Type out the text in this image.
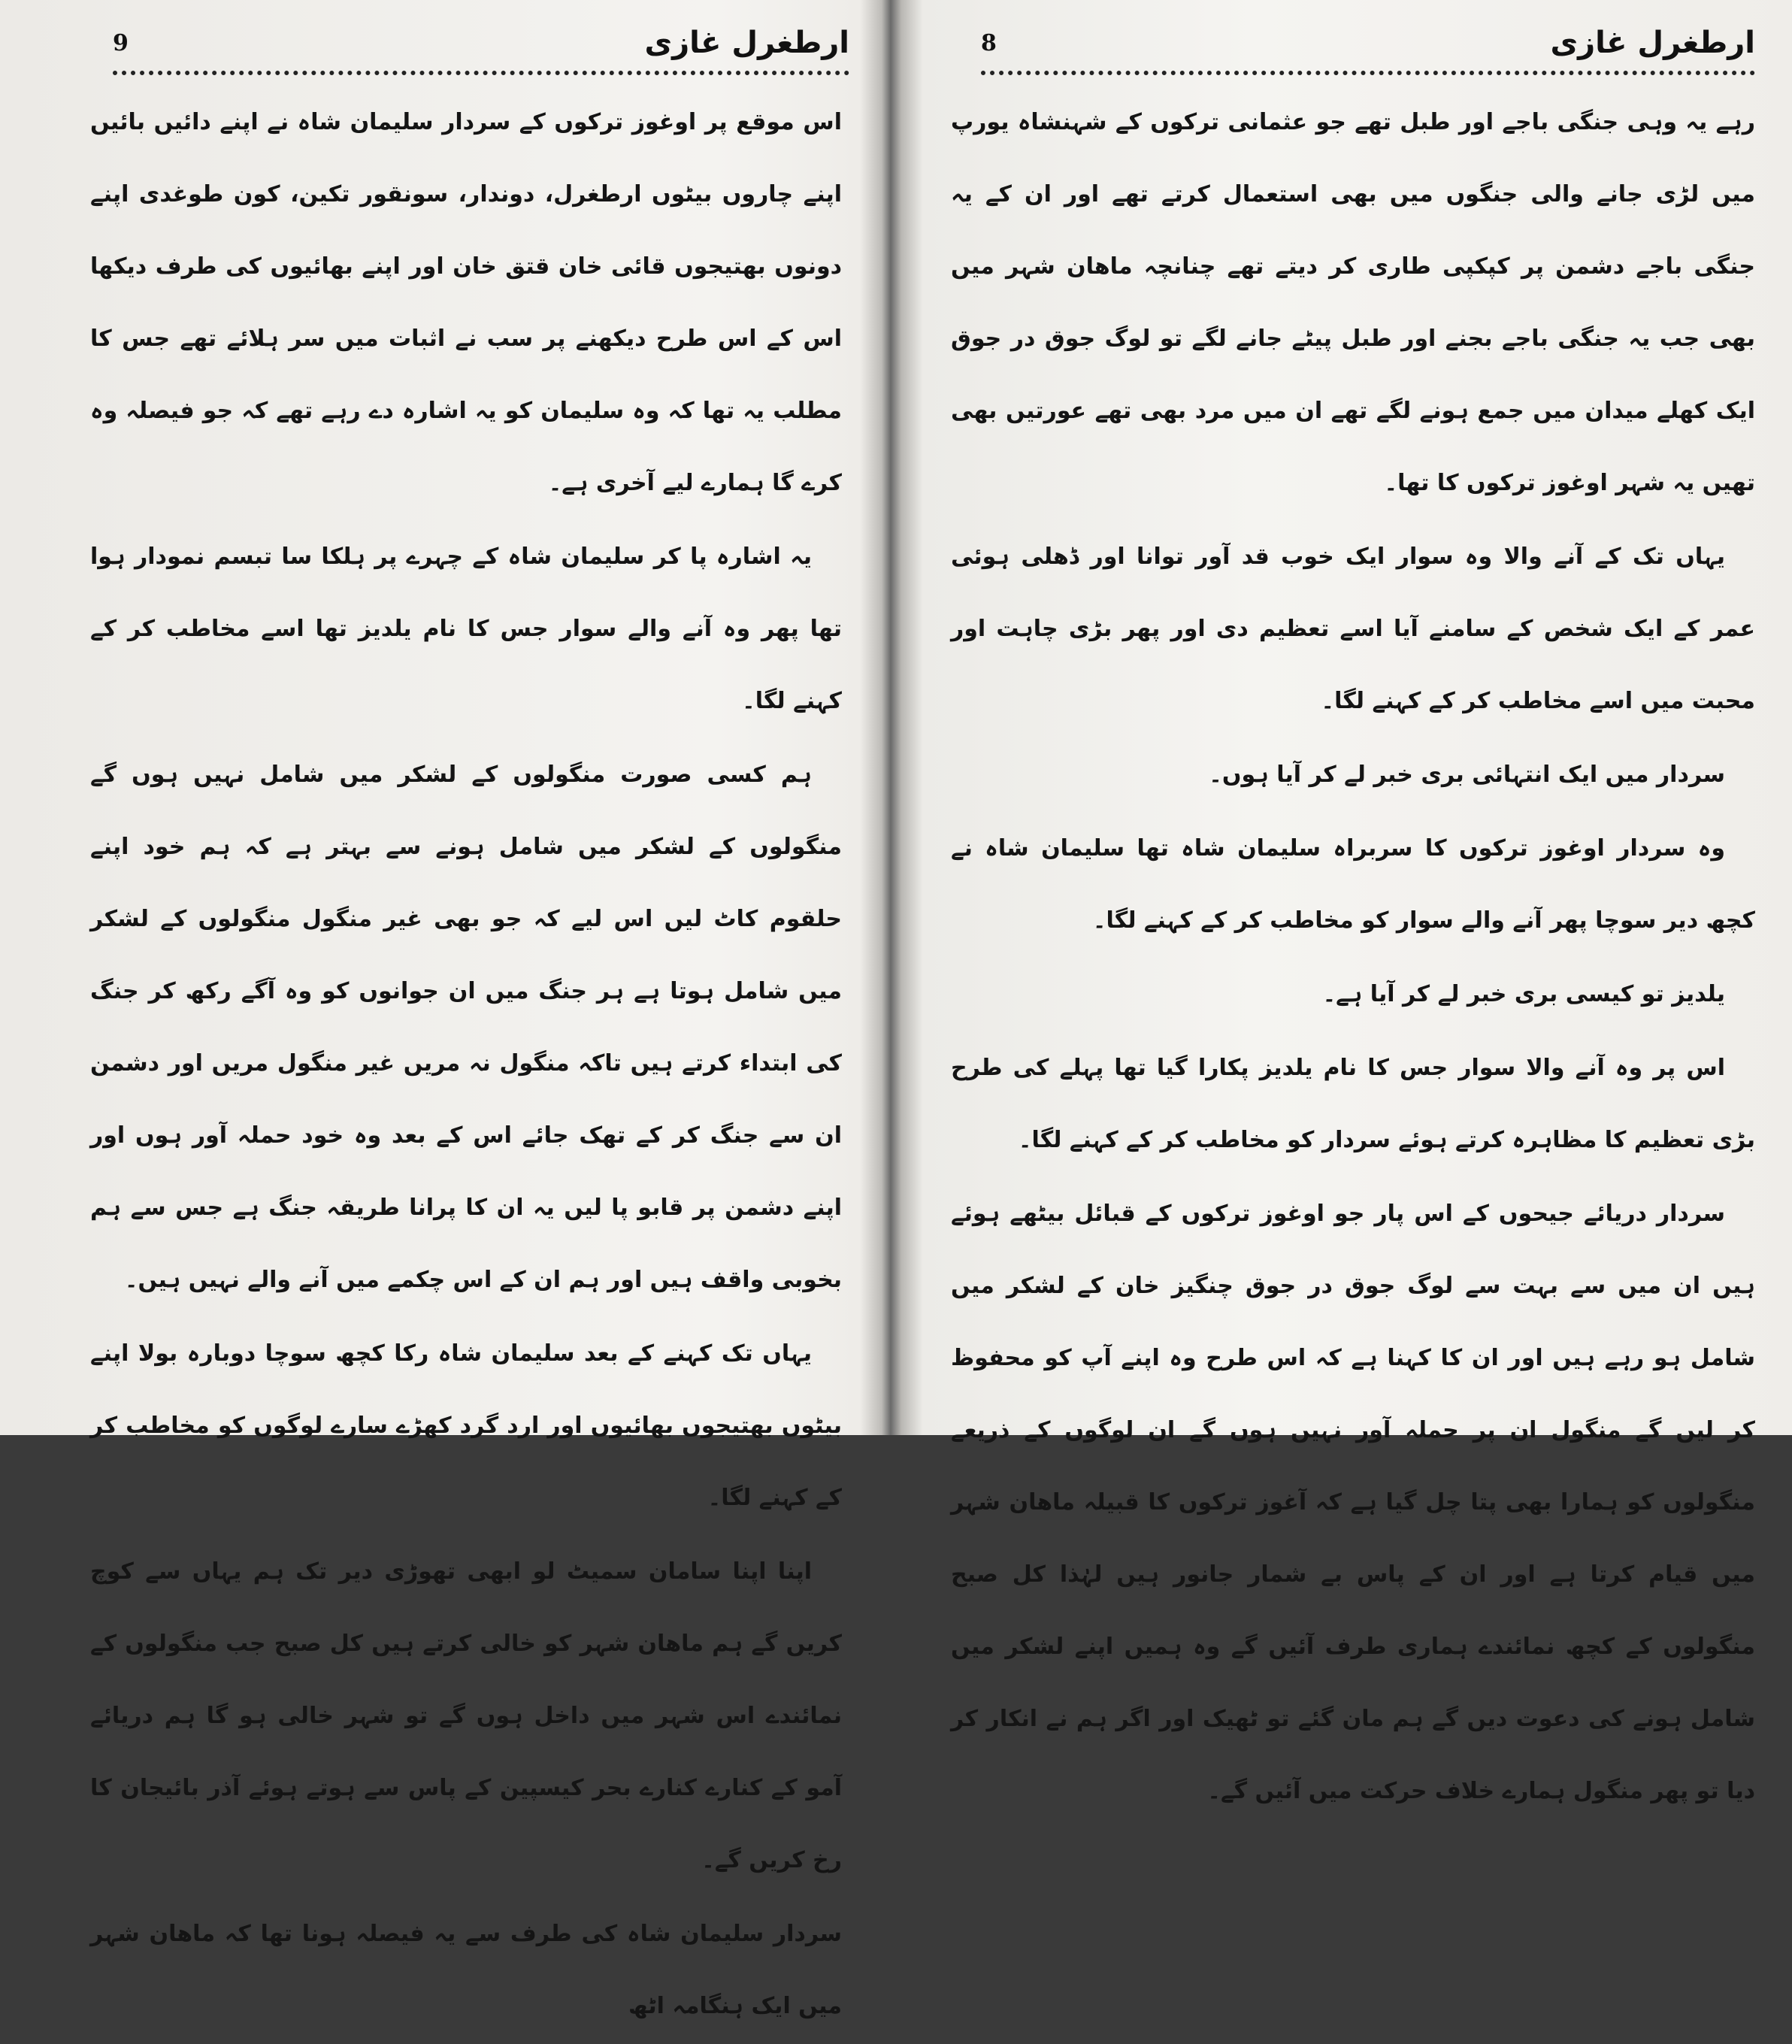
ارطغرل غازی
9

اس موقع پر اوغوز ترکوں کے سردار سلیمان شاہ نے اپنے دائیں بائیں اپنے چاروں بیٹوں ارطغرل، دوندار، سونقور تکین، کون طوغدی اپنے دونوں بھتیجوں قائی خان قتق خان اور اپنے بھائیوں کی طرف دیکھا اس کے اس طرح دیکھنے پر سب نے اثبات میں سر ہلائے تھے جس کا مطلب یہ تھا کہ وہ سلیمان کو یہ اشارہ دے رہے تھے کہ جو فیصلہ وہ کرے گا ہمارے لیے آخری ہے۔

یہ اشارہ پا کر سلیمان شاہ کے چہرے پر ہلکا سا تبسم نمودار ہوا تھا پھر وہ آنے والے سوار جس کا نام یلدیز تھا اسے مخاطب کر کے کہنے لگا۔

ہم کسی صورت منگولوں کے لشکر میں شامل نہیں ہوں گے منگولوں کے لشکر میں شامل ہونے سے بہتر ہے کہ ہم خود اپنے حلقوم کاٹ لیں اس لیے کہ جو بھی غیر منگول منگولوں کے لشکر میں شامل ہوتا ہے ہر جنگ میں ان جوانوں کو وہ آگے رکھ کر جنگ کی ابتداء کرتے ہیں تاکہ منگول نہ مریں غیر منگول مریں اور دشمن ان سے جنگ کر کے تھک جائے اس کے بعد وہ خود حملہ آور ہوں اور اپنے دشمن پر قابو پا لیں یہ ان کا پرانا طریقہ جنگ ہے جس سے ہم بخوبی واقف ہیں اور ہم ان کے اس چکمے میں آنے والے نہیں ہیں۔

یہاں تک کہنے کے بعد سلیمان شاہ رکا کچھ سوچا دوبارہ بولا اپنے بیٹوں بھتیجوں بھائیوں اور ارد گرد کھڑے سارے لوگوں کو مخاطب کر کے کہنے لگا۔

اپنا اپنا سامان سمیٹ لو ابھی تھوڑی دیر تک ہم یہاں سے کوچ کریں گے ہم ماھان شہر کو خالی کرتے ہیں کل صبح جب منگولوں کے نمائندے اس شہر میں داخل ہوں گے تو شہر خالی ہو گا ہم دریائے آمو کے کنارے کنارے بحر کیسپین کے پاس سے ہوتے ہوئے آذر بائیجان کا رخ کریں گے۔

سردار سلیمان شاہ کی طرف سے یہ فیصلہ ہونا تھا کہ ماھان شہر میں ایک ہنگامہ اٹھ

ارطغرل غازی
8

رہے یہ وہی جنگی باجے اور طبل تھے جو عثمانی ترکوں کے شہنشاہ یورپ میں لڑی جانے والی جنگوں میں بھی استعمال کرتے تھے اور ان کے یہ جنگی باجے دشمن پر کپکپی طاری کر دیتے تھے چنانچہ ماھان شہر میں بھی جب یہ جنگی باجے بجنے اور طبل پیٹے جانے لگے تو لوگ جوق در جوق ایک کھلے میدان میں جمع ہونے لگے تھے ان میں مرد بھی تھے عورتیں بھی تھیں یہ شہر اوغوز ترکوں کا تھا۔

یہاں تک کے آنے والا وہ سوار ایک خوب قد آور توانا اور ڈھلی ہوئی عمر کے ایک شخص کے سامنے آیا اسے تعظیم دی اور پھر بڑی چاہت اور محبت میں اسے مخاطب کر کے کہنے لگا۔

سردار میں ایک انتہائی بری خبر لے کر آیا ہوں۔

وہ سردار اوغوز ترکوں کا سربراہ سلیمان شاہ تھا سلیمان شاہ نے کچھ دیر سوچا پھر آنے والے سوار کو مخاطب کر کے کہنے لگا۔

یلدیز تو کیسی بری خبر لے کر آیا ہے۔

اس پر وہ آنے والا سوار جس کا نام یلدیز پکارا گیا تھا پہلے کی طرح بڑی تعظیم کا مظاہرہ کرتے ہوئے سردار کو مخاطب کر کے کہنے لگا۔

سردار دریائے جیحوں کے اس پار جو اوغوز ترکوں کے قبائل بیٹھے ہوئے ہیں ان میں سے بہت سے لوگ جوق در جوق چنگیز خان کے لشکر میں شامل ہو رہے ہیں اور ان کا کہنا ہے کہ اس طرح وہ اپنے آپ کو محفوظ کر لیں گے منگول ان پر حملہ آور نہیں ہوں گے ان لوگوں کے ذریعے منگولوں کو ہمارا بھی پتا چل گیا ہے کہ آغوز ترکوں کا قبیلہ ماھان شہر میں قیام کرتا ہے اور ان کے پاس بے شمار جانور ہیں لہٰذا کل صبح منگولوں کے کچھ نمائندے ہماری طرف آئیں گے وہ ہمیں اپنے لشکر میں شامل ہونے کی دعوت دیں گے ہم مان گئے تو ٹھیک اور اگر ہم نے انکار کر دیا تو پھر منگول ہمارے خلاف حرکت میں آئیں گے۔
